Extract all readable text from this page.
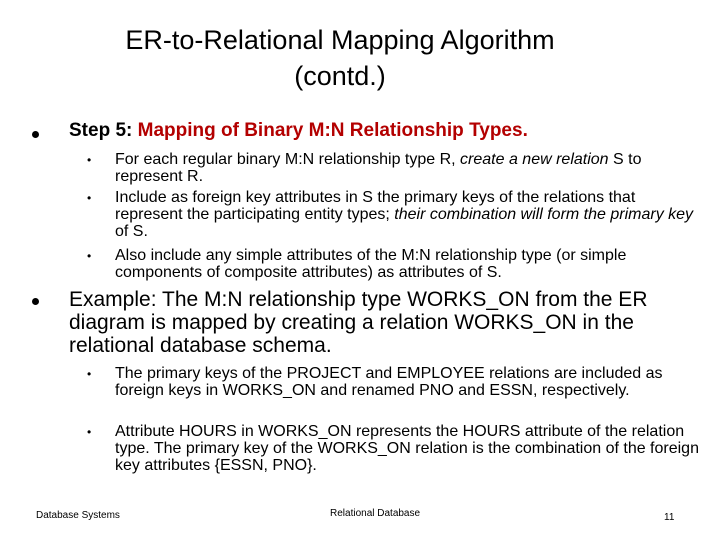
ER-to-Relational Mapping Algorithm
(contd.)
Step 5: Mapping of Binary M:N Relationship Types.
• For each regular binary M:N relationship type R, create a new relation S to represent R.
• Include as foreign key attributes in S the primary keys of the relations that represent the participating entity types; their combination will form the primary key of S.
• Also include any simple attributes of the M:N relationship type (or simple components of composite attributes) as attributes of S.
Example: The M:N relationship type WORKS_ON from the ER diagram is mapped by creating a relation WORKS_ON in the relational database schema.
• The primary keys of the PROJECT and EMPLOYEE relations are included as foreign keys in WORKS_ON and renamed PNO and ESSN, respectively.
• Attribute HOURS in WORKS_ON represents the HOURS attribute of the relation type. The primary key of the WORKS_ON relation is the combination of the foreign key attributes {ESSN, PNO}.
Database Systems	Relational Database	11
